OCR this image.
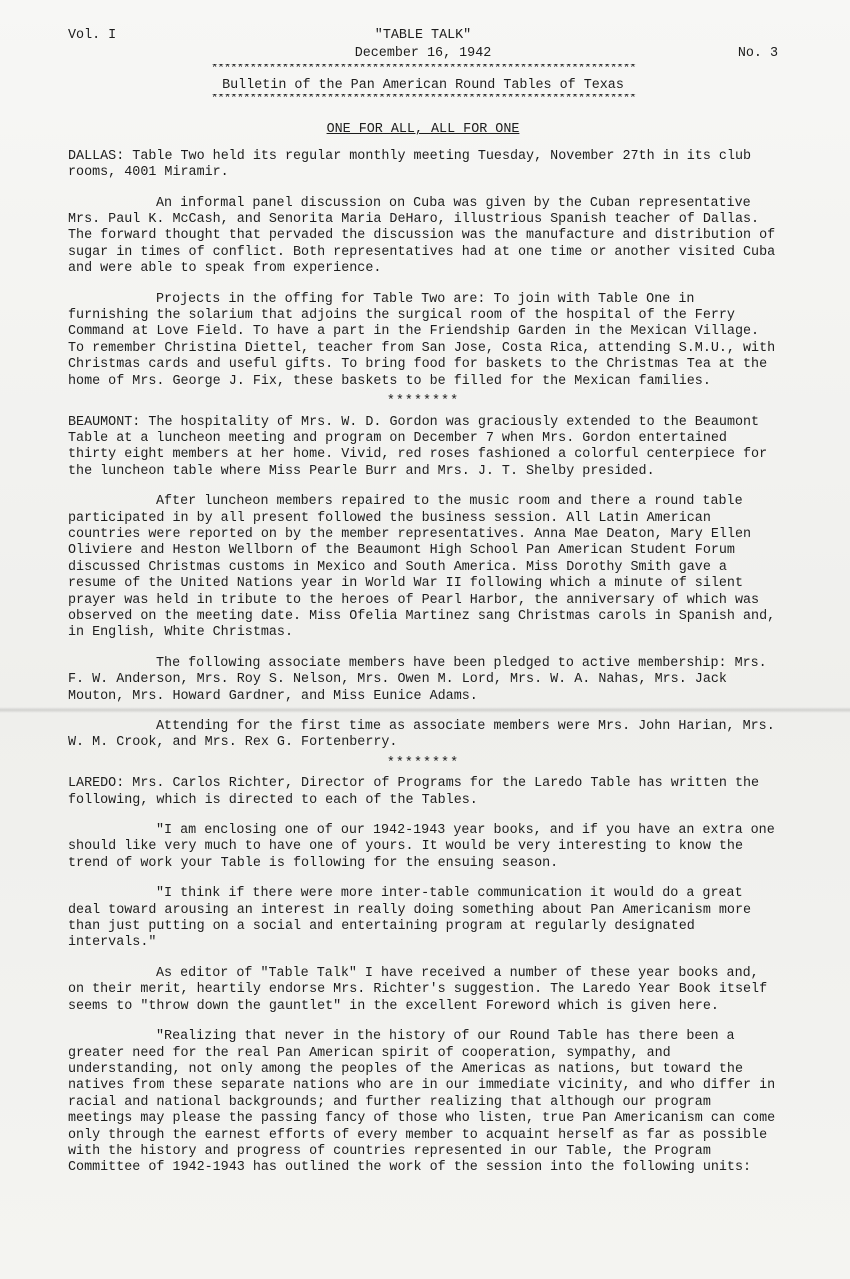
Vol. I	"TABLE TALK"
December 16, 1942	No. 3
******************************************************************
Bulletin of the Pan American Round Tables of Texas
******************************************************************
ONE FOR ALL, ALL FOR ONE

DALLAS: Table Two held its regular monthly meeting Tuesday, November 27th in its club rooms, 4001 Miramir.

An informal panel discussion on Cuba was given by the Cuban representative Mrs. Paul K. McCash, and Senorita Maria DeHaro, illustrious Spanish teacher of Dallas. The forward thought that pervaded the discussion was the manufacture and distribution of sugar in times of conflict. Both representatives had at one time or another visited Cuba and were able to speak from experience.

Projects in the offing for Table Two are: To join with Table One in furnishing the solarium that adjoins the surgical room of the hospital of the Ferry Command at Love Field. To have a part in the Friendship Garden in the Mexican Village. To remember Christina Diettel, teacher from San Jose, Costa Rica, attending S.M.U., with Christmas cards and useful gifts. To bring food for baskets to the Christmas Tea at the home of Mrs. George J. Fix, these baskets to be filled for the Mexican families.

********

BEAUMONT: The hospitality of Mrs. W. D. Gordon was graciously extended to the Beaumont Table at a luncheon meeting and program on December 7 when Mrs. Gordon entertained thirty eight members at her home. Vivid, red roses fashioned a colorful centerpiece for the luncheon table where Miss Pearle Burr and Mrs. J. T. Shelby presided.

After luncheon members repaired to the music room and there a round table participated in by all present followed the business session. All Latin American countries were reported on by the member representatives. Anna Mae Deaton, Mary Ellen Oliviere and Heston Wellborn of the Beaumont High School Pan American Student Forum discussed Christmas customs in Mexico and South America. Miss Dorothy Smith gave a resume of the United Nations year in World War II following which a minute of silent prayer was held in tribute to the heroes of Pearl Harbor, the anniversary of which was observed on the meeting date. Miss Ofelia Martinez sang Christmas carols in Spanish and, in English, White Christmas.

The following associate members have been pledged to active membership: Mrs. F. W. Anderson, Mrs. Roy S. Nelson, Mrs. Owen M. Lord, Mrs. W. A. Nahas, Mrs. Jack Mouton, Mrs. Howard Gardner, and Miss Eunice Adams.

Attending for the first time as associate members were Mrs. John Harian, Mrs. W. M. Crook, and Mrs. Rex G. Fortenberry.

********

LAREDO: Mrs. Carlos Richter, Director of Programs for the Laredo Table has written the following, which is directed to each of the Tables.

"I am enclosing one of our 1942-1943 year books, and if you have an extra one should like very much to have one of yours. It would be very interesting to know the trend of work your Table is following for the ensuing season.

"I think if there were more inter-table communication it would do a great deal toward arousing an interest in really doing something about Pan Americanism more than just putting on a social and entertaining program at regularly designated intervals."

As editor of "Table Talk" I have received a number of these year books and, on their merit, heartily endorse Mrs. Richter's suggestion. The Laredo Year Book itself seems to "throw down the gauntlet" in the excellent Foreword which is given here.

"Realizing that never in the history of our Round Table has there been a greater need for the real Pan American spirit of cooperation, sympathy, and understanding, not only among the peoples of the Americas as nations, but toward the natives from these separate nations who are in our immediate vicinity, and who differ in racial and national backgrounds; and further realizing that although our program meetings may please the passing fancy of those who listen, true Pan Americanism can come only through the earnest efforts of every member to acquaint herself as far as possible with the history and progress of countries represented in our Table, the Program Committee of 1942-1943 has outlined the work of the session into the following units:
